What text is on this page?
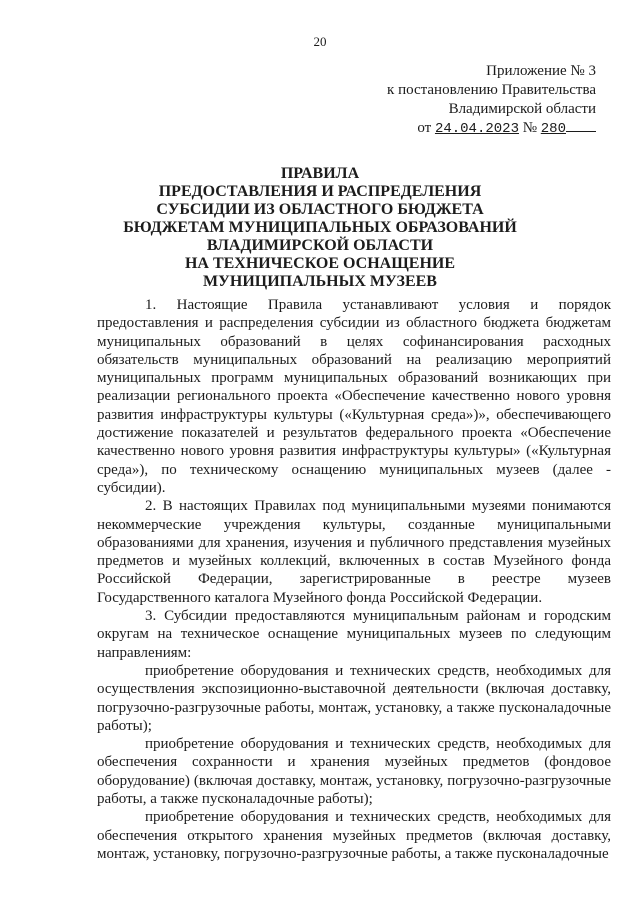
20
Приложение № 3
к постановлению Правительства
Владимирской области
от 24.04.2023 № 280
ПРАВИЛА
ПРЕДОСТАВЛЕНИЯ И РАСПРЕДЕЛЕНИЯ
СУБСИДИИ ИЗ ОБЛАСТНОГО БЮДЖЕТА
БЮДЖЕТАМ МУНИЦИПАЛЬНЫХ ОБРАЗОВАНИЙ
ВЛАДИМИРСКОЙ ОБЛАСТИ
НА ТЕХНИЧЕСКОЕ ОСНАЩЕНИЕ
МУНИЦИПАЛЬНЫХ МУЗЕЕВ

1. Настоящие Правила устанавливают условия и порядок предоставления и распределения субсидии из областного бюджета бюджетам муниципальных образований в целях софинансирования расходных обязательств муниципальных образований на реализацию мероприятий муниципальных программ муниципальных образований возникающих при реализации регионального проекта «Обеспечение качественно нового уровня развития инфраструктуры культуры («Культурная среда»)», обеспечивающего достижение показателей и результатов федерального проекта «Обеспечение качественно нового уровня развития инфраструктуры культуры» («Культурная среда»), по техническому оснащению муниципальных музеев (далее - субсидии).

2. В настоящих Правилах под муниципальными музеями понимаются некоммерческие учреждения культуры, созданные муниципальными образованиями для хранения, изучения и публичного представления музейных предметов и музейных коллекций, включенных в состав Музейного фонда Российской Федерации, зарегистрированные в реестре музеев Государственного каталога Музейного фонда Российской Федерации.

3. Субсидии предоставляются муниципальным районам и городским округам на техническое оснащение муниципальных музеев по следующим направлениям:

приобретение оборудования и технических средств, необходимых для осуществления экспозиционно-выставочной деятельности (включая доставку, погрузочно-разгрузочные работы, монтаж, установку, а также пусконаладочные работы);

приобретение оборудования и технических средств, необходимых для обеспечения сохранности и хранения музейных предметов (фондовое оборудование) (включая доставку, монтаж, установку, погрузочно-разгрузочные работы, а также пусконаладочные работы);

приобретение оборудования и технических средств, необходимых для обеспечения открытого хранения музейных предметов (включая доставку, монтаж, установку, погрузочно-разгрузочные работы, а также пусконаладочные
